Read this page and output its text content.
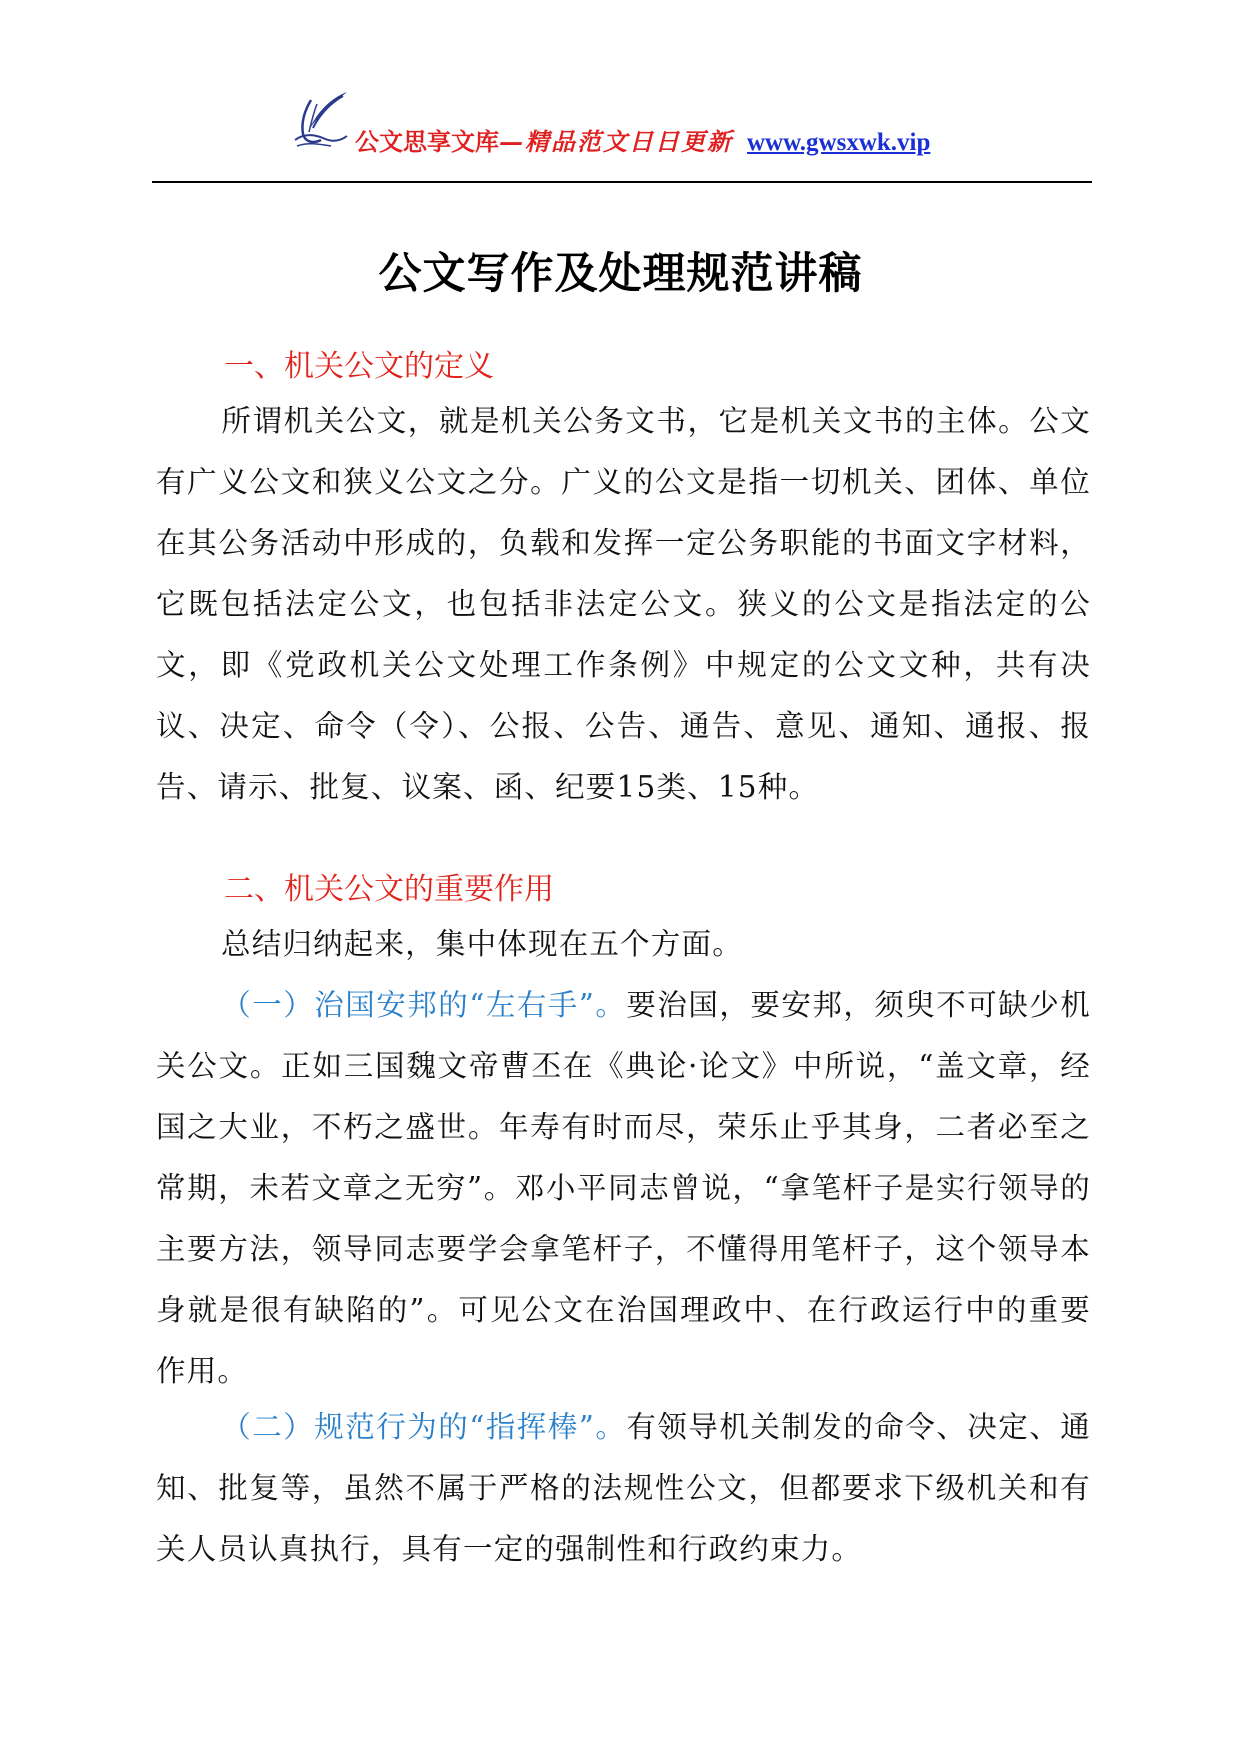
公文思享文库—精品范文日日更新 www.gwsxwk.vip
公文写作及处理规范讲稿
一、机关公文的定义
所谓机关公文，就是机关公务文书，它是机关文书的主体。公文有广义公文和狭义公文之分。广义的公文是指一切机关、团体、单位在其公务活动中形成的，负载和发挥一定公务职能的书面文字材料，它既包括法定公文，也包括非法定公文。狭义的公文是指法定的公文，即《党政机关公文处理工作条例》中规定的公文文种，共有决议、决定、命令（令）、公报、公告、通告、意见、通知、通报、报告、请示、批复、议案、函、纪要15类、15种。
二、机关公文的重要作用
总结归纳起来，集中体现在五个方面。
（一）治国安邦的“左右手”。要治国，要安邦，须臾不可缺少机关公文。正如三国魏文帝曹丕在《典论·论文》中所说，“盖文章，经国之大业，不朽之盛世。年寿有时而尽，荣乐止乎其身，二者必至之常期，未若文章之无穷”。邓小平同志曾说，“拿笔杆子是实行领导的主要方法，领导同志要学会拿笔杆子，不懂得用笔杆子，这个领导本身就是很有缺陷的”。可见公文在治国理政中、在行政运行中的重要作用。
（二）规范行为的“指挥棒”。有领导机关制发的命令、决定、通知、批复等，虽然不属于严格的法规性公文，但都要求下级机关和有关人员认真执行，具有一定的强制性和行政约束力。
